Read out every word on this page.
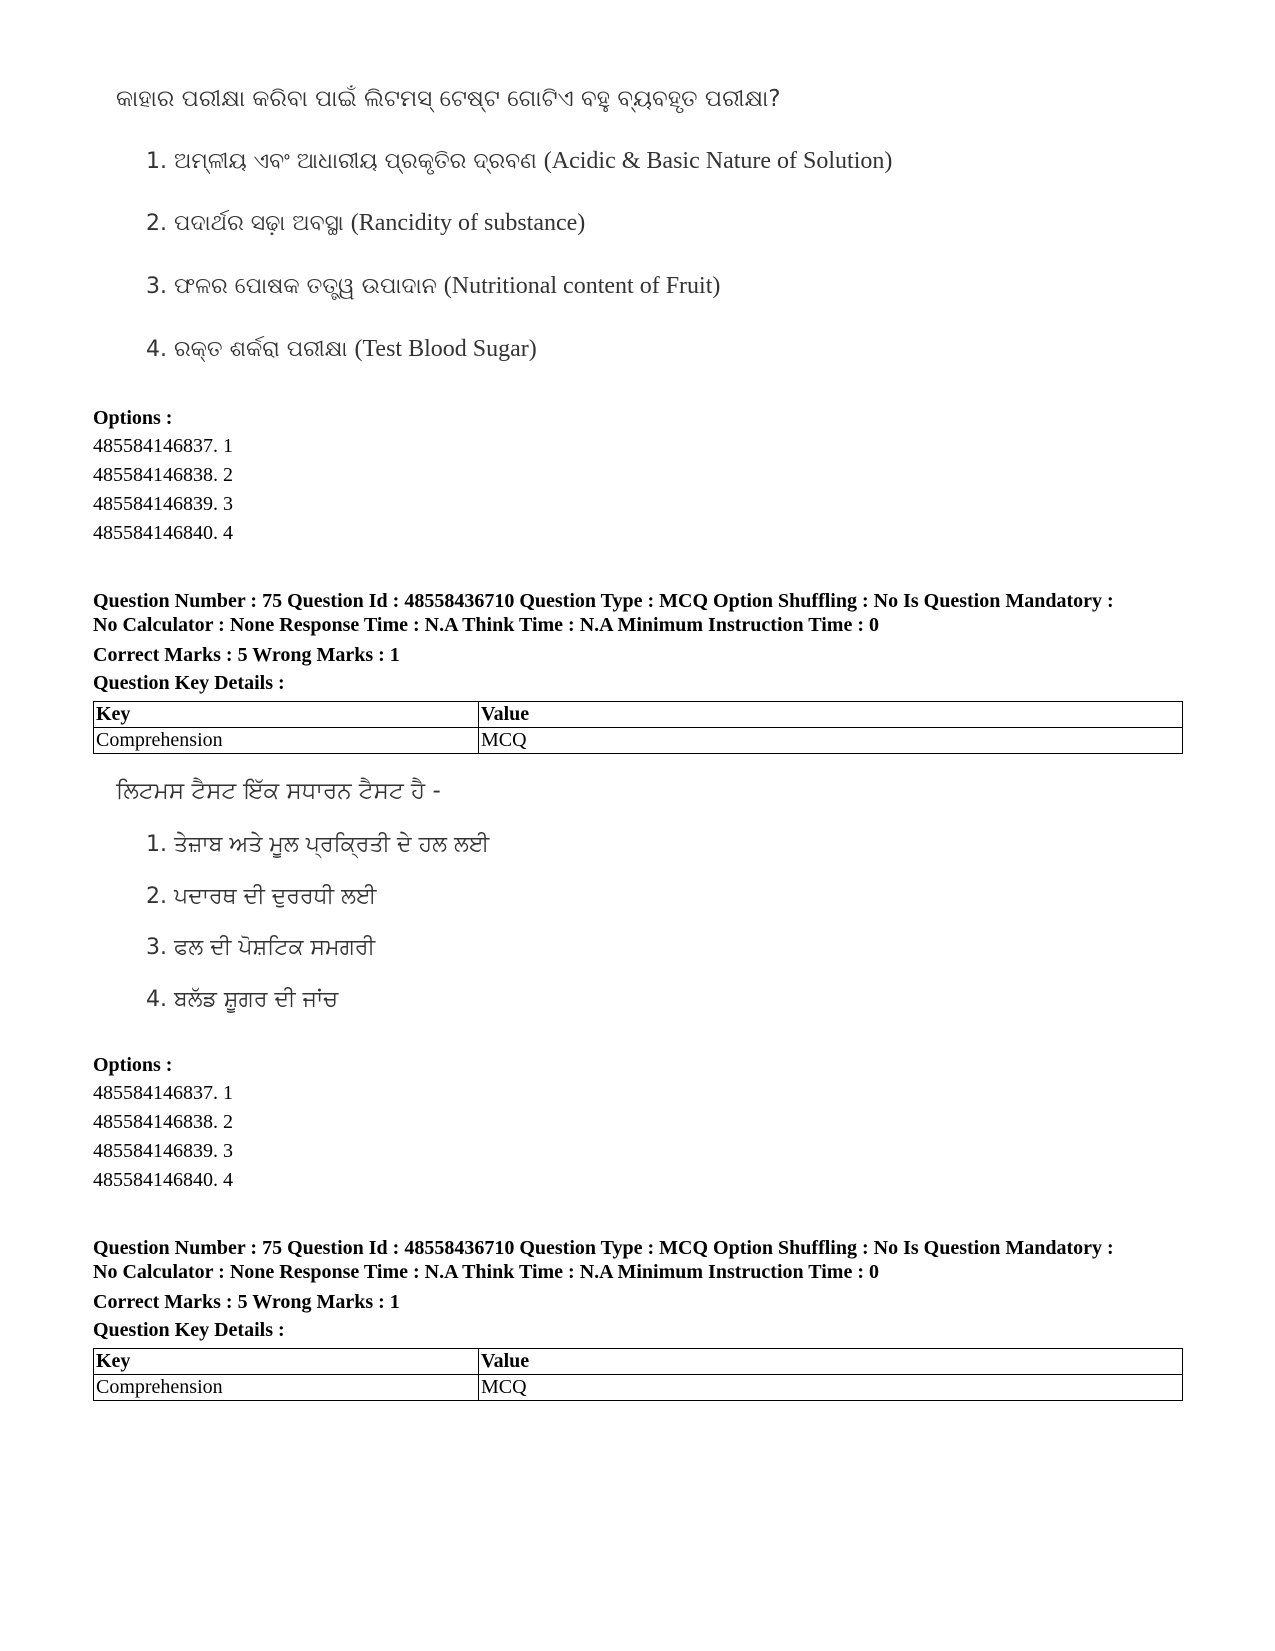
କାହାର ପରୀକ୍ଷା କରିବା ପାଇଁ ଲିଟମସ୍ ଟେଷ୍ଟ ଗୋଟିଏ ବହୁ ବ୍ୟବହୃତ ପରୀକ୍ଷା?
1. ଅମ୍ଳୀୟ ଏବଂ ଆଧାରୀୟ ପ୍ରକୃତିର ଦ୍ରବଣ (Acidic & Basic Nature of Solution)
2. ପଦାର୍ଥର ସଢ଼ା ଅବସ୍ଥା (Rancidity of substance)
3. ଫଳର ପୋଷକ ତତ୍ତ୍ୱ ଉପାଦାନ (Nutritional content of Fruit)
4. ରକ୍ତ ଶର୍କରା ପରୀକ୍ଷା (Test Blood Sugar)
Options :
485584146837. 1
485584146838. 2
485584146839. 3
485584146840. 4
Question Number : 75 Question Id : 48558436710 Question Type : MCQ Option Shuffling : No Is Question Mandatory :
No Calculator : None Response Time : N.A Think Time : N.A Minimum Instruction Time : 0
Correct Marks : 5 Wrong Marks : 1
Question Key Details :
Key	Value
Comprehension	MCQ
ਲਿਟਮਸ ਟੈਸਟ ਇੱਕ ਸਧਾਰਨ ਟੈਸਟ ਹੈ -
1. ਤੇਜ਼ਾਬ ਅਤੇ ਮੂਲ ਪ੍ਰਕ੍ਰਿਤੀ ਦੇ ਹਲ ਲਈ
2. ਪਦਾਰਥ ਦੀ ਦੁਰਰਧੀ ਲਈ
3. ਫਲ ਦੀ ਪੋਸ਼ਟਿਕ ਸਮਗਰੀ
4. ਬਲੱਡ ਸ਼ੂਗਰ ਦੀ ਜਾਂਚ
Options :
485584146837. 1
485584146838. 2
485584146839. 3
485584146840. 4
Question Number : 75 Question Id : 48558436710 Question Type : MCQ Option Shuffling : No Is Question Mandatory :
No Calculator : None Response Time : N.A Think Time : N.A Minimum Instruction Time : 0
Correct Marks : 5 Wrong Marks : 1
Question Key Details :
Key	Value
Comprehension	MCQ
